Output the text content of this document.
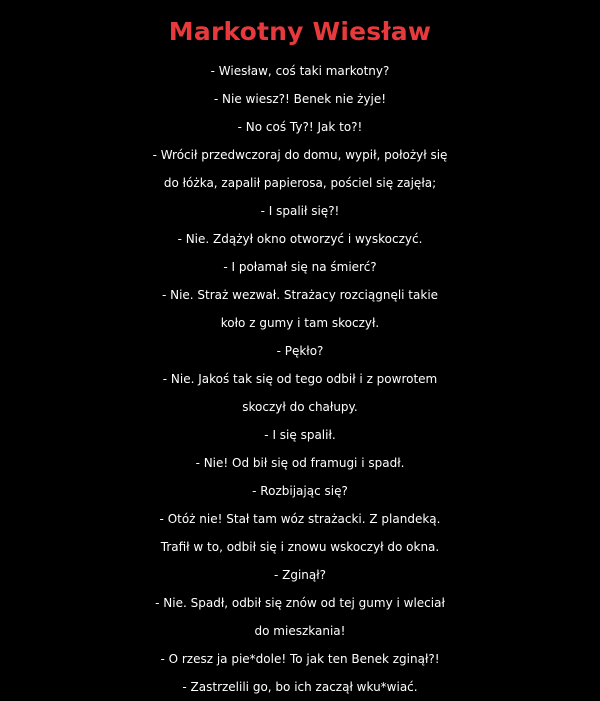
Markotny Wiesław
- Wiesław, coś taki markotny?
- Nie wiesz?! Benek nie żyje!
- No coś Ty?! Jak to?!
- Wrócił przedwczoraj do domu, wypił, położył się
do łóżka, zapalił papierosa, pościel się zajęła;
- I spalił się?!
- Nie. Zdążył okno otworzyć i wyskoczyć.
- I połamał się na śmierć?
- Nie. Straż wezwał. Strażacy rozciągnęli takie
koło z gumy i tam skoczył.
- Pękło?
- Nie. Jakoś tak się od tego odbił i z powrotem
skoczył do chałupy.
- I się spalił.
- Nie! Od bił się od framugi i spadł.
- Rozbijając się?
- Otóż nie! Stał tam wóz strażacki. Z plandeką.
Trafił w to, odbił się i znowu wskoczył do okna.
- Zginął?
- Nie. Spadł, odbił się znów od tej gumy i wleciał
do mieszkania!
- O rzesz ja pie*dole! To jak ten Benek zginął?!
- Zastrzelili go, bo ich zaczął wku*wiać.
